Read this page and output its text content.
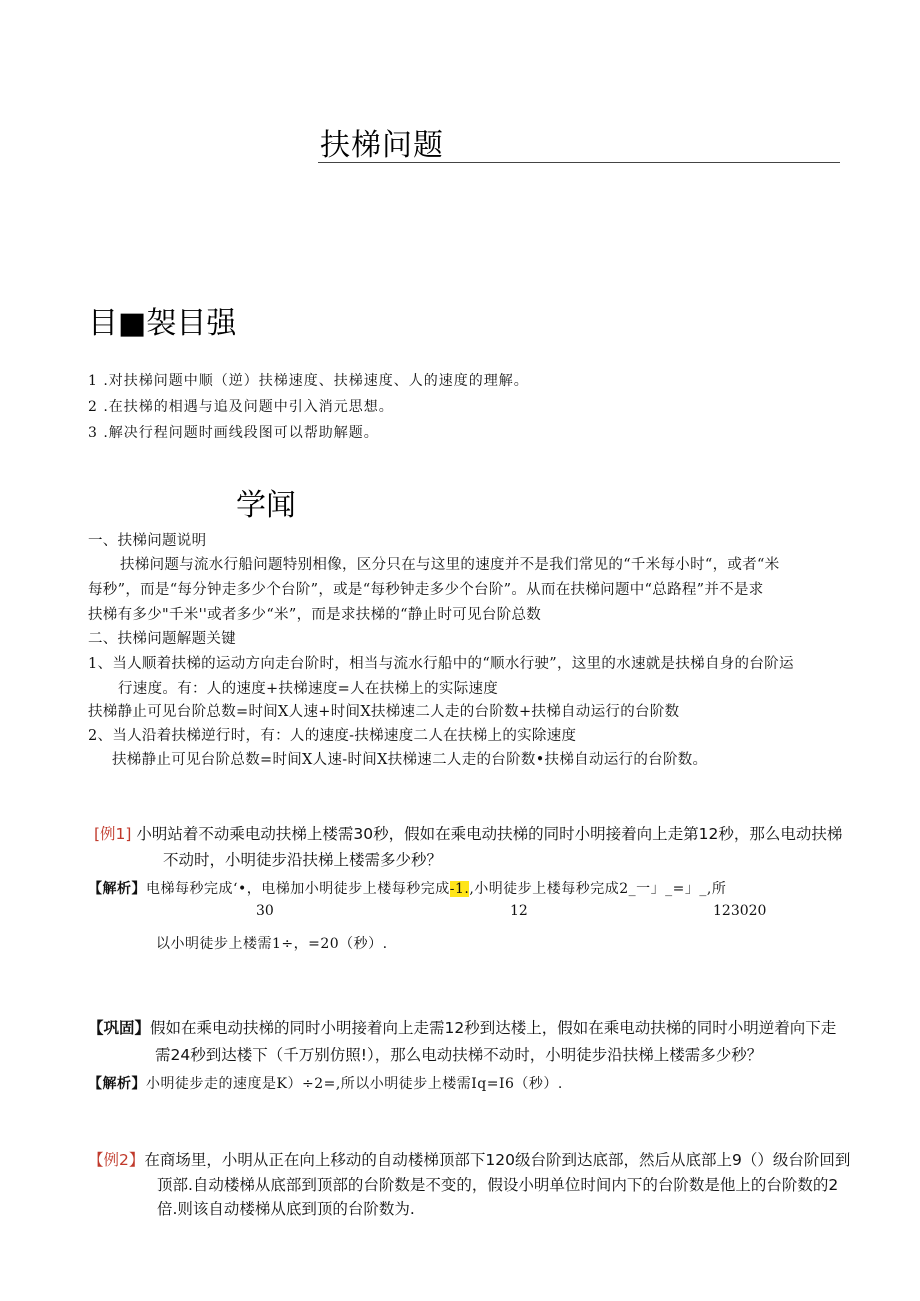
扶梯问题
目■袈目强
1 .对扶梯问题中顺（逆）扶梯速度、扶梯速度、人的速度的理解。
2 .在扶梯的相遇与追及问题中引入消元思想。
3 .解决行程问题时画线段图可以帮助解题。
学闻
一、扶梯问题说明
扶梯问题与流水行船问题特别相像，区分只在与这里的速度并不是我们常见的“千米每小时“，或者“米
每秒”，而是“每分钟走多少个台阶”，或是“每秒钟走多少个台阶”。从而在扶梯问题中“总路程”并不是求
扶梯有多少"千米''或者多少“米”，而是求扶梯的“静止时可见台阶总数
二、扶梯问题解题关键
1、当人顺着扶梯的运动方向走台阶时，相当与流水行船中的“顺水行驶”，这里的水速就是扶梯自身的台阶运
行速度。有：人的速度+扶梯速度=人在扶梯上的实际速度
扶梯静止可见台阶总数=时间X人速+时间X扶梯速二人走的台阶数+扶梯自动运行的台阶数
2、当人沿着扶梯逆行时，有：人的速度-扶梯速度二人在扶梯上的实除速度
扶梯静止可见台阶总数=时间X人速-时间X扶梯速二人走的台阶数•扶梯自动运行的台阶数。
[例1] 小明站着不动乘电动扶梯上楼需30秒，假如在乘电动扶梯的同时小明接着向上走第12秒，那么电动扶梯
不动时，小明徒步沿扶梯上楼需多少秒？
【解析】电梯每秒完成‘•，电梯加小明徒步上楼每秒完成-1.,小明徒步上楼每秒完成2_一」_=」_,所
30	12	123020
以小明徒步上楼需1÷，=20（秒）.
【巩固】假如在乘电动扶梯的同时小明接着向上走需12秒到达楼上，假如在乘电动扶梯的同时小明逆着向下走
需24秒到达楼下（千万别仿照!），那么电动扶梯不动时，小明徒步沿扶梯上楼需多少秒？
【解析】小明徒步走的速度是K）÷2=,所以小明徒步上楼需Iq=I6（秒）.
【例2】在商场里，小明从正在向上移动的自动楼梯顶部下120级台阶到达底部，然后从底部上9（）级台阶回到
顶部.自动楼梯从底部到顶部的台阶数是不变的，假设小明单位时间内下的台阶数是他上的台阶数的2
倍.则该自动楼梯从底到顶的台阶数为.
